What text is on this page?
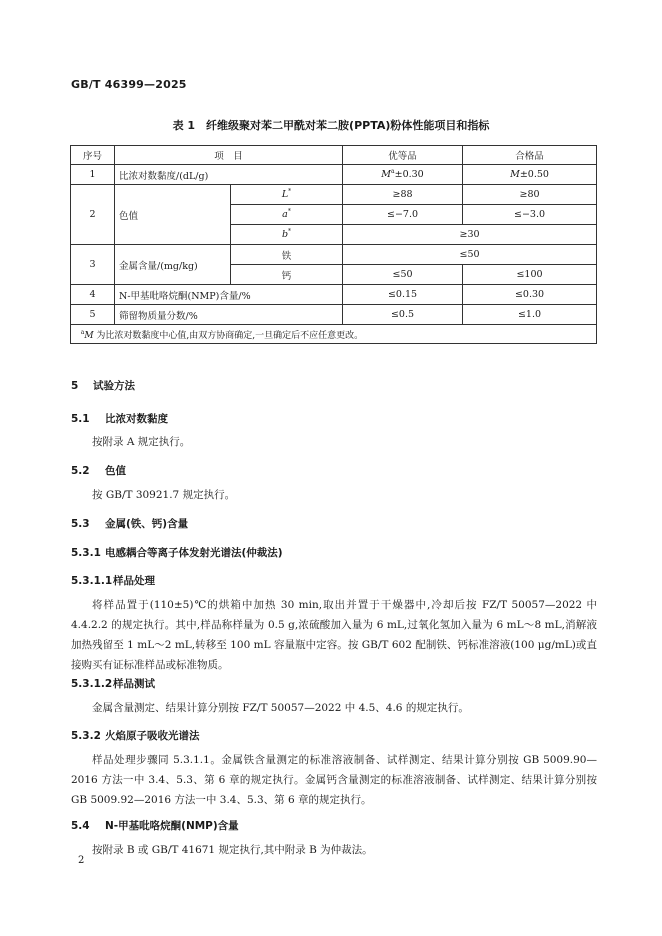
GB/T 46399—2025
表 1　纤维级聚对苯二甲酰对苯二胺(PPTA)粉体性能项目和指标
序号	项　目		优等品	合格品
1	比浓对数黏度/(dL/g)		$M^a\pm 0.30$	M±0.50
2	色值	L*	≥88	≥80
		a*	≤−7.0	≤−3.0
		b*	≥30	
3	金属含量/(mg/kg)	铁	≤50	
		钙	≤50	≤100
4	N-甲基吡咯烷酮(NMP)含量/%		≤0.15	≤0.30
5	筛留物质量分数/%		≤0.5	≤1.0
$^a$M 为比浓对数黏度中心值,由双方协商确定,一旦确定后不应任意更改。				
5 试验方法
5.1 比浓对数黏度
按附录 A 规定执行。
5.2 色值
按 GB/T 30921.7 规定执行。
5.3 金属(铁、钙)含量
5.3.1 电感耦合等离子体发射光谱法(仲裁法)
5.3.1.1样品处理
将样品置于(110±5)℃的烘箱中加热 30 min,取出并置于干燥器中,冷却后按 FZ/T 50057—2022 中 4.4.2.2 的规定执行。其中,样品称样量为 0.5 g,浓硫酸加入量为 6 mL,过氧化氢加入量为 6 mL～8 mL,消解液加热残留至 1 mL～2 mL,转移至 100 mL 容量瓶中定容。按 GB/T 602 配制铁、钙标准溶液(100 μg/mL)或直接购买有证标准样品或标准物质。
5.3.1.2样品测试
金属含量测定、结果计算分别按 FZ/T 50057—2022 中 4.5、4.6 的规定执行。
5.3.2 火焰原子吸收光谱法
样品处理步骤同 5.3.1.1。金属铁含量测定的标准溶液制备、试样测定、结果计算分别按 GB 5009.90—2016 方法一中 3.4、5.3、第 6 章的规定执行。金属钙含量测定的标准溶液制备、试样测定、结果计算分别按 GB 5009.92—2016 方法一中 3.4、5.3、第 6 章的规定执行。
5.4 N-甲基吡咯烷酮(NMP)含量
按附录 B 或 GB/T 41671 规定执行,其中附录 B 为仲裁法。
2
